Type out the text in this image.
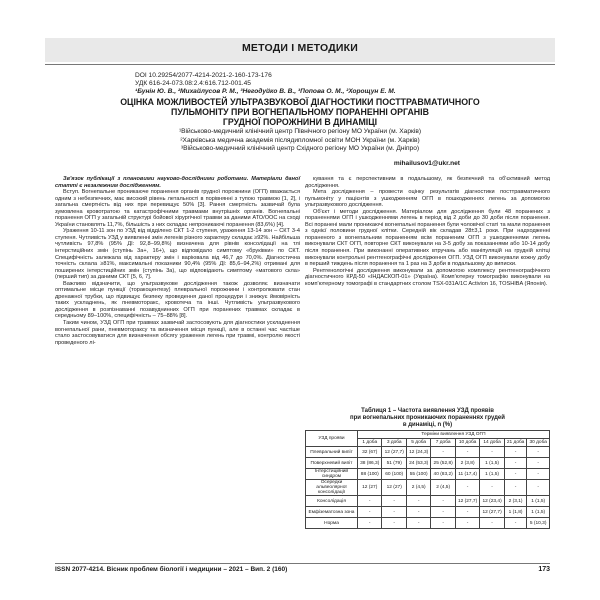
МЕТОДИ І МЕТОДИКИ
DOI 10.29254/2077-4214-2021-2-160-173-176
УДК 616-24-073.08:2.4:616.712-001.45
¹Бунін Ю. В., ²Михайлусов Р. М., ³Негодуйко В. В., ³Попова О. М., ²Хорощун Е. М.
ОЦІНКА МОЖЛИВОСТЕЙ УЛЬТРАЗВУКОВОЇ ДІАГНОСТИКИ ПОСТТРАВМАТИЧНОГО
ПУЛЬМОНІТУ ПРИ ВОГНЕПАЛЬНОМУ ПОРАНЕННІ ОРГАНІВ
ГРУДНОЇ ПОРОЖНИНИ В ДИНАМІЦІ
¹Військово-медичний клінічний центр Північного регіону МО України (м. Харків)
²Харківська медична академія післядипломної освіти МОН України (м. Харків)
³Військово-медичний клінічний центр Східного регіону МО України (м. Дніпро)
mihailusov1@ukr.net

Зв'язок публікації з плановими науково-дослідними роботами. Матеріали даної статті є незалежним дослідженням.

Вступ. Вогнепальне проникаюче поранення органів грудної порожнини (ОГП) вважається одним з небезпечних, має високий рівень летальності в порівнянні з тупою травмою [1, 2], і загальна смертність від них при перевищує 50% [3]. Рання смертність зазвичай була зумовлена кровотратою та катастрофічними травмами внутрішніх органів. Вогнепальні поранення ОГП у загальній структурі бойової хірургічної травми за даними АТО/ООС на сході України становлять 11,7%, більшість з них складає непроникаючі поранення (83,6%) [4].

Ураження 10-11 зон по УЗД від відділено СКТ 1-2 ступеня, ураження 13-14 зон – СКТ 3-4 ступеня. Чутливість УЗД у виявленні змін легенів різного характеру складає ≥92%. Найбільша чутливість 97,8% (95% ДІ: 92,8–99,8%) визначена для рівнів консолідації на тлі інтерстиційних змін (ступінь 3а+, 16+), що відповідало симптому «бруківки» по СКТ. Специфічність залежала від характеру змін і варіювала від 46,7 до 70,0%. Діагностична точність склала ≥81%, максимальні показники 90,4% (95% ДІ: 85,6–94,2%) отримані для поширених інтерстиційних змін (ступінь 3а), що відповідають симптому «матового скла» (перший тип) за даними СКТ [5, 6, 7].

Важливо відзначити, що ультразвукове дослідження також дозволяє визначати оптимальне місце пункції (торакоцентезу) плевральної порожнини і контролювати стан дренажної трубки, що підвищує безпеку проведення даної процедури і знижує ймовірність таких ускладнень, як пневмоторакс, кровотеча та інші. Чутливість ультразвукового дослідження в розпізнаванні позавуднинних ОГП при поранених травмах складає в середньому 89–100%, специфічність – 75–88% [8].

Таким чином, УЗД ОГП при травмах зазвичай застосовують для діагностики ускладнення вогнепальної рани, пневмотораксу та визначення місця пункції, але в останні час частіше стало застосовуватися для визначення обсягу ураження легень при травмі, контролю якості проведеного лі-

кування та є перспективним в подальшому, як безпечний та об'єктивний метод дослідження.

Мета дослідження – провести оцінку результатів діагностики посттравматичного пульмоніту у пацієнтів з ушкодженням ОГП в пошкодженнях легень за допомогою ультразвукового дослідження.

Об'єкт і методи дослідження. Матеріалом для дослідження були 48 поранених з пораненнями ОГП і ушкодженнями легень в період від 2 доби до 30 доби після поранення. Всі поранені мали проникаючі вогнепальні поранення були чоловічої статі та мали поранення з однієї половини грудної клітки. Середній вік складав 28±3,1 роки. При надходженні пораненого з вогнепальним пораненням всім пораненим ОГП з ушкодженнями легень виконували СКТ ОГП, повторне СКТ виконували на 3-5 добу за показаннями або 10-14 добу після поранення. При виконанні оперативних втручань або маніпуляцій на грудній клітці виконували контрольні рентгенографічні дослідження ОГП. УЗД ОГП виконували кожну добу в перший тиждень після поранення та 1 раз на 3 доби в подальшому до виписки.

Рентгенологічні дослідження виконували за допомогою комплексу рентгенографічного діагностичного КРД-50 «ІНДАСКОП-01» (Україна). Комп'ютерну томографію виконували на комп'ютерному томографі в стандартних столом TSX-031A/1C Activion 16, TOSHIBA (Японія).

Таблиця 1 – Частота виявлення УЗД проявів
при вогнепальних проникаючих пораненнях грудей
в динаміці, n (%)
УЗД прояви	Терміни виявлення УЗД ОГП							
	1 доба	3 доба	5 доба	7 доба	10 доба	14 доба	21 доба	30 доба
Плевральний випіт	32 (67)	12 (27,7)	12 (24,3)	-	-	-	-	-
Поверхневий випіт	38 (86,3)	51 (79)	24 (53,3)	25 (52,8)	2 (3,8)	1 (1,5)	-	-
Інтерстиційний синдром	88 (100)	60 (100)	55 (100)	40 (83,2)	11 (17,4)	1 (1,5)	-	-
Осередки альвеолярної консолідації	12 (27)	12 (27)	2 (4,5)	2 (4,5)	-	-	-	-
Консолідація	-	-	-	-	12 (27,7)	12 (23,4)	2 (3,1)	1 (1,5)
Емфізематозна зона	-	-	-	-	-	12 (27,7)	1 (1,8)	1 (1,5)
Норма	-	-	-	-	-	-	-	5 (10,3)
ISSN 2077-4214. Вісник проблем біології і медицини – 2021 – Вип. 2 (160)	173
